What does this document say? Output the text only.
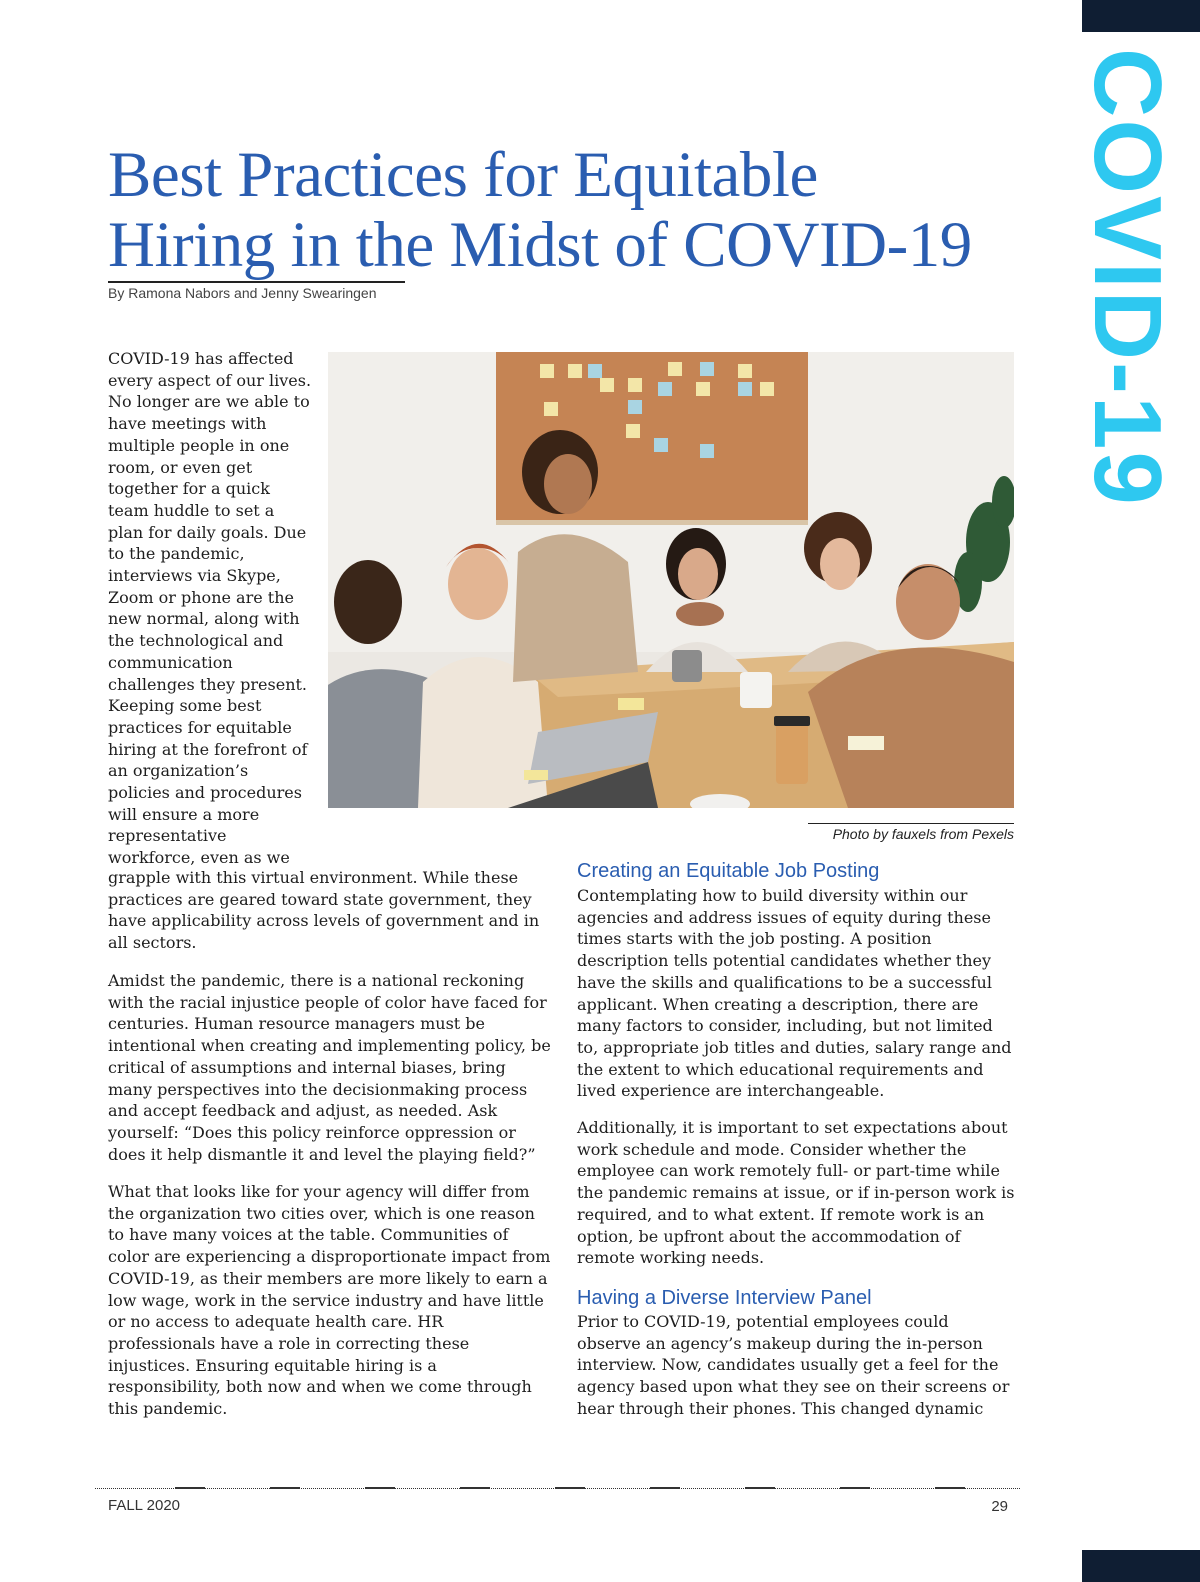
COVID-19
Best Practices for Equitable
Hiring in the Midst of COVID-19
By Ramona Nabors and Jenny Swearingen

COVID-19 has affected every aspect of our lives. No longer are we able to have meetings with multiple people in one room, or even get together for a quick team huddle to set a plan for daily goals. Due to the pandemic, interviews via Skype, Zoom or phone are the new normal, along with the technological and communication challenges they present. Keeping some best practices for equitable hiring at the forefront of an organization’s policies and procedures will ensure a more representative workforce, even as we

Photo by fauxels from Pexels

grapple with this virtual environment. While these practices are geared toward state government, they have applicability across levels of government and in all sectors.

Amidst the pandemic, there is a national reckoning with the racial injustice people of color have faced for centuries. Human resource managers must be intentional when creating and implementing policy, be critical of assumptions and internal biases, bring many perspectives into the decisionmaking process and accept feedback and adjust, as needed. Ask yourself: “Does this policy reinforce oppression or does it help dismantle it and level the playing field?”

What that looks like for your agency will differ from the organization two cities over, which is one reason to have many voices at the table. Communities of color are experiencing a disproportionate impact from COVID-19, as their members are more likely to earn a low wage, work in the service industry and have little or no access to adequate health care. HR professionals have a role in correcting these injustices. Ensuring equitable hiring is a responsibility, both now and when we come through this pandemic.

Creating an Equitable Job Posting

Contemplating how to build diversity within our agencies and address issues of equity during these times starts with the job posting. A position description tells potential candidates whether they have the skills and qualifications to be a successful applicant. When creating a description, there are many factors to consider, including, but not limited to, appropriate job titles and duties, salary range and the extent to which educational requirements and lived experience are interchangeable.

Additionally, it is important to set expectations about work schedule and mode. Consider whether the employee can work remotely full- or part-time while the pandemic remains at issue, or if in-person work is required, and to what extent. If remote work is an option, be upfront about the accommodation of remote working needs.

Having a Diverse Interview Panel

Prior to COVID-19, potential employees could observe an agency’s makeup during the in-person interview. Now, candidates usually get a feel for the agency based upon what they see on their screens or hear through their phones. This changed dynamic

FALL 2020	29
